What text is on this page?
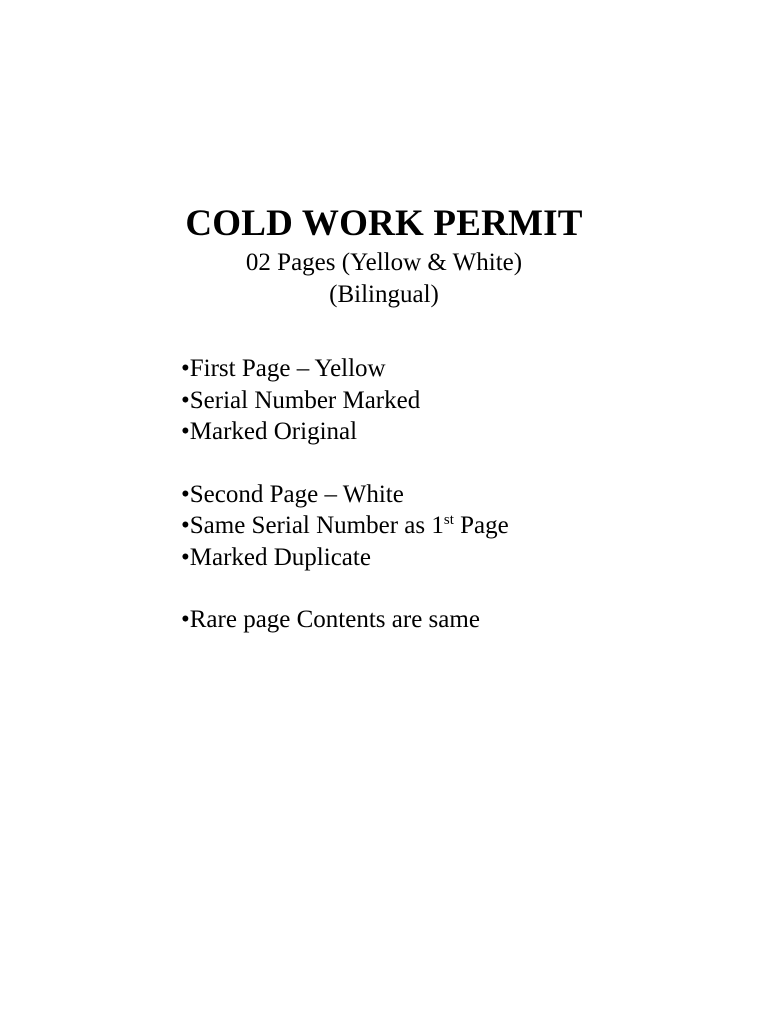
COLD WORK PERMIT
02 Pages (Yellow & White)
(Bilingual)
•First Page – Yellow
•Serial Number Marked
•Marked Original
•Second Page – White
•Same Serial Number as 1st Page
•Marked Duplicate
•Rare page Contents are same
